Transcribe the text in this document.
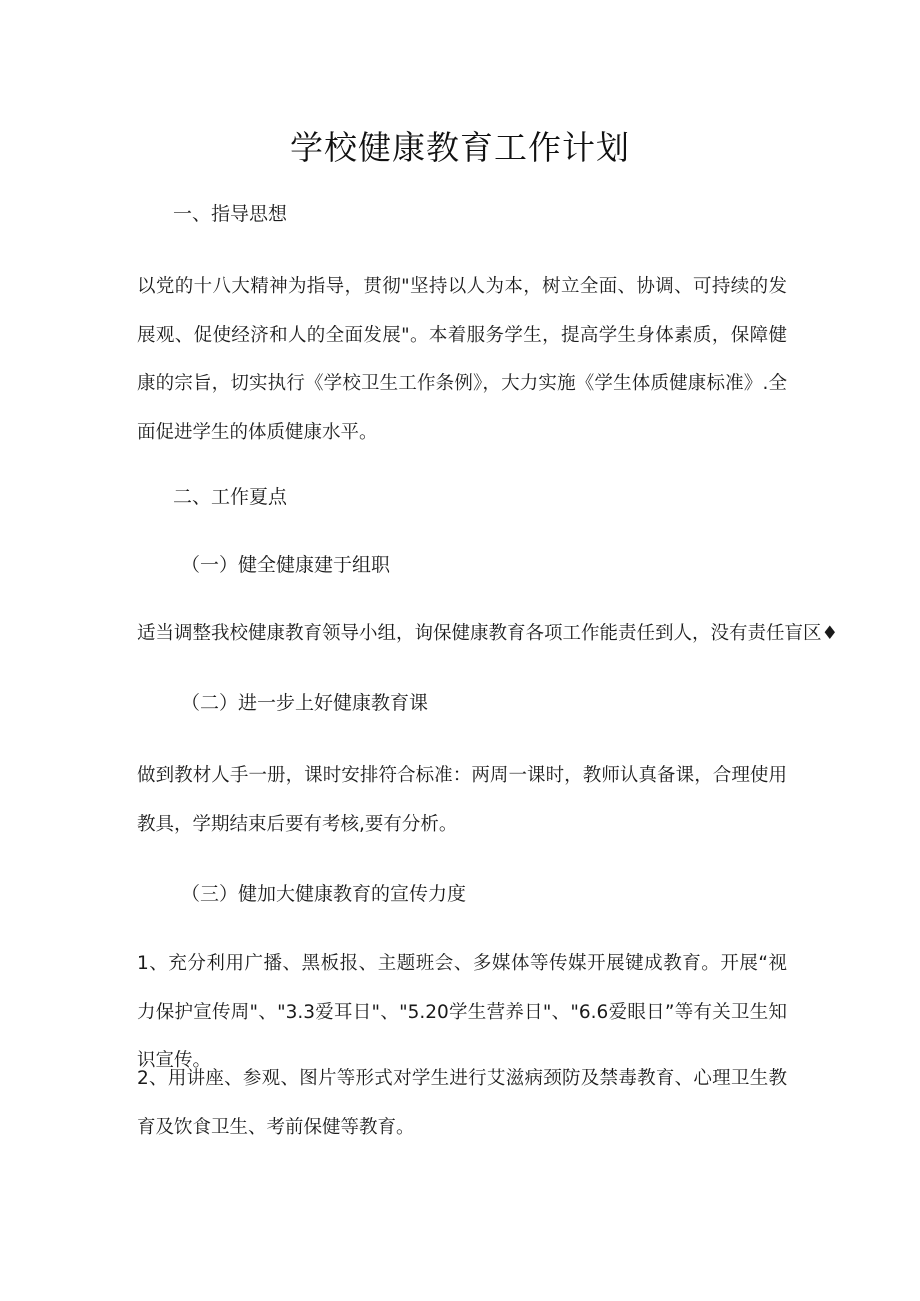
学校健康教育工作计划
一、指导思想

以党的十八大精神为指导，贯彻"坚持以人为本，树立全面、协调、可持续的发展观、促使经济和人的全面发展"。本着服务学生，提高学生身体素质，保障健康的宗旨，切实执行《学校卫生工作条例》，大力实施《学生体质健康标准》.全面促进学生的体质健康水平。

二、工作夏点
（一）健全健康建于组职

适当调整我校健康教育领导小组，询保健康教育各项工作能责任到人，没有责任盲区♦

（二）进一步上好健康教育课

做到教材人手一册，课时安排符合标准：两周一课时，教师认真备课，合理使用教具，学期结束后要有考核,要有分析。

（三）健加大健康教育的宣传力度

1、充分利用广播、黑板报、主题班会、多媒体等传媒开展键成教育。开展“视力保护宣传周"、"3.3爱耳日"、"5.20学生营养日"、"6.6爱眼日”等有关卫生知识宣传。

2、用讲座、参观、图片等形式对学生进行艾滋病颈防及禁毒教育、心理卫生教育及饮食卫生、考前保健等教育。
